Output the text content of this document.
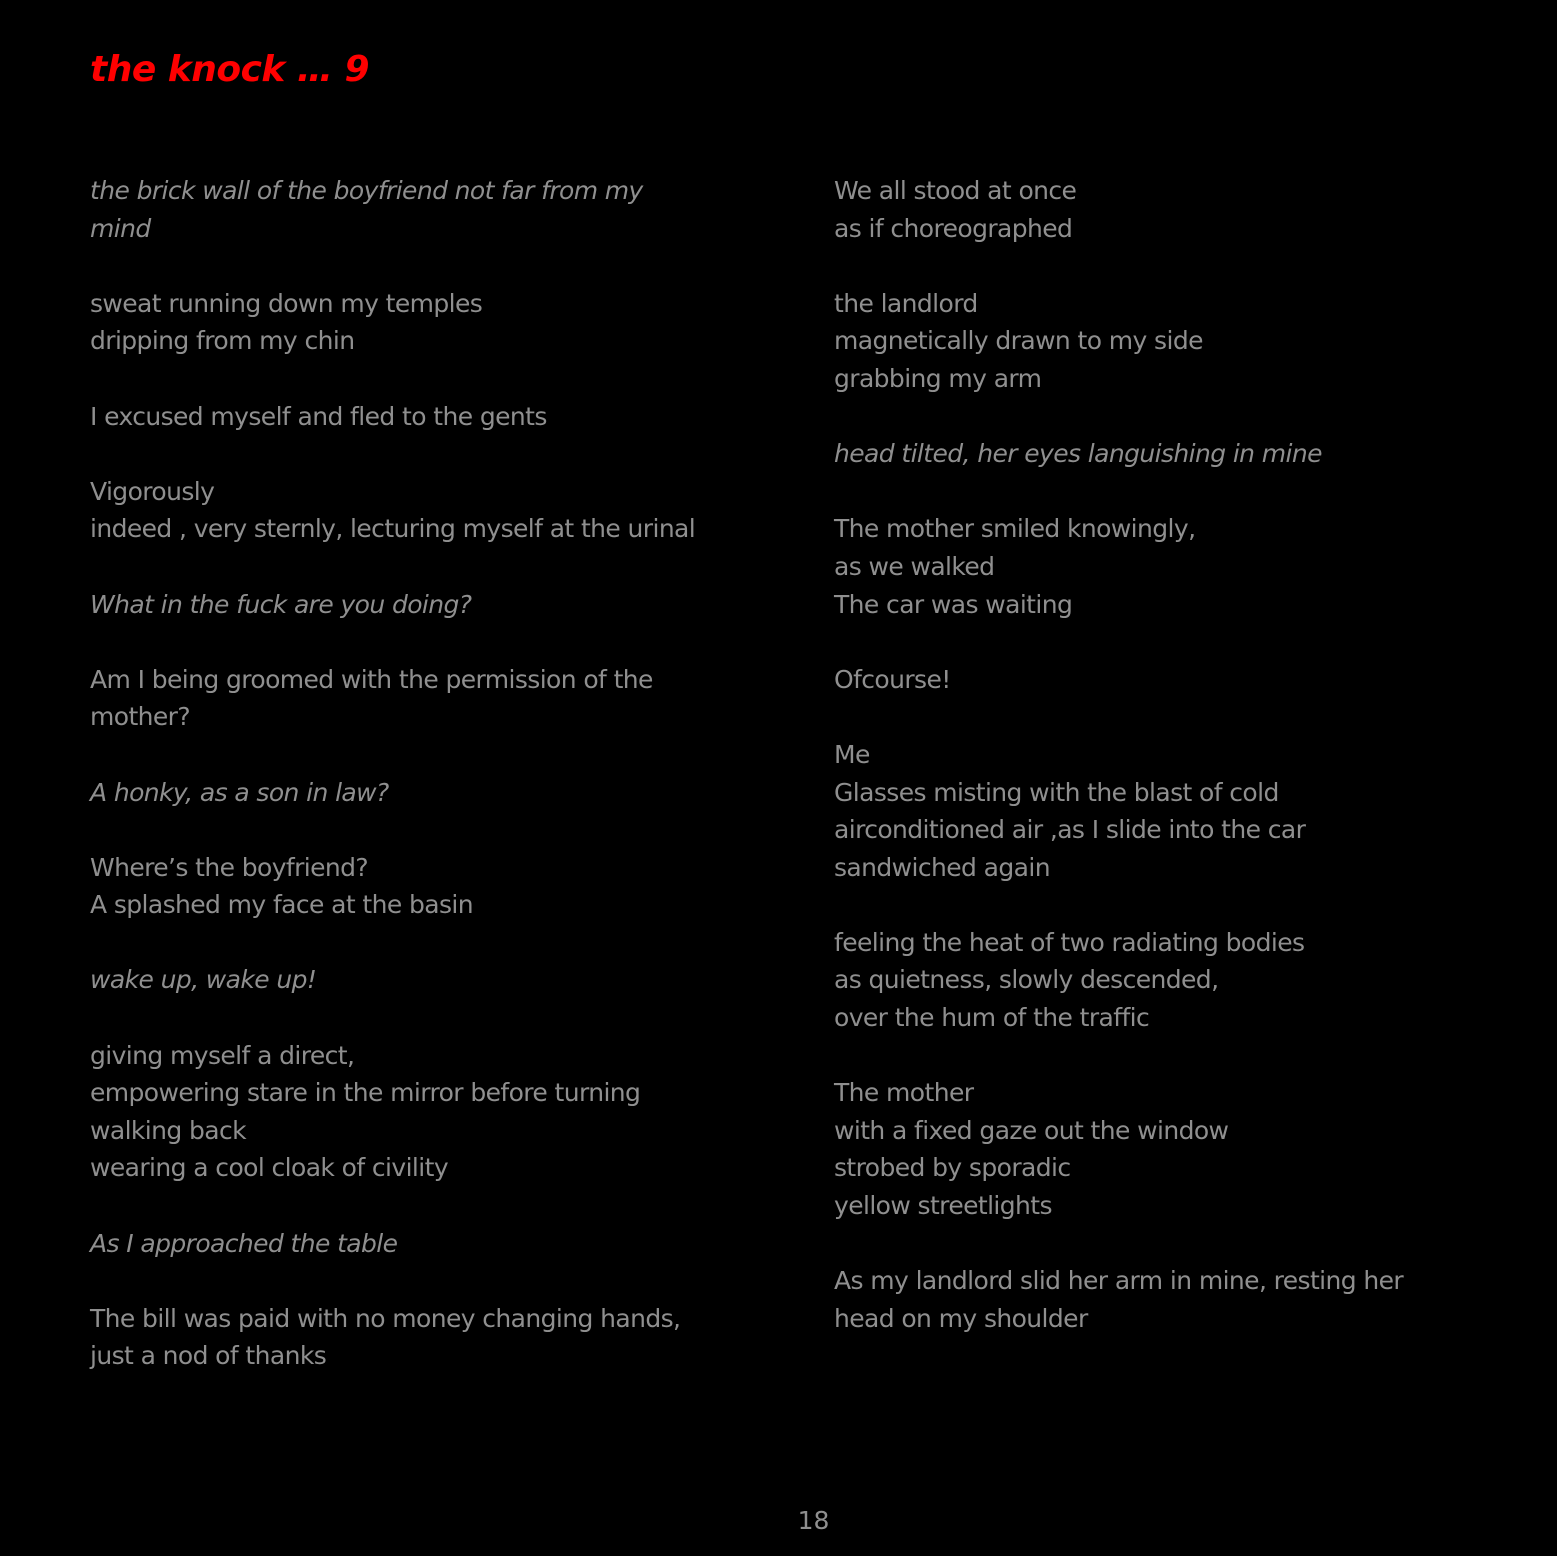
the knock … 9
the brick wall of the boyfriend not far from my
mind
sweat running down my temples
dripping from my chin
I excused myself and fled to the gents
Vigorously
indeed , very sternly, lecturing myself at the urinal
What in the fuck are you doing?
Am I being groomed with the permission of the
mother?
A honky, as a son in law?
Where’s the boyfriend?
A splashed my face at the basin
wake up, wake up!
giving myself a direct,
empowering stare in the mirror before turning
walking back
wearing a cool cloak of civility
As I approached the table
The bill was paid with no money changing hands,
just a nod of thanks
We all stood at once
as if choreographed
the landlord
magnetically drawn to my side
grabbing my arm
head tilted, her eyes languishing in mine
The mother smiled knowingly,
as we walked
The car was waiting
Ofcourse!
Me
Glasses misting with the blast of cold
airconditioned air ,as I slide into the car
sandwiched again
feeling the heat of two radiating bodies
as quietness, slowly descended,
over the hum of the traffic
The mother
with a fixed gaze out the window
strobed by sporadic
yellow streetlights
As my landlord slid her arm in mine, resting her
head on my shoulder
18
